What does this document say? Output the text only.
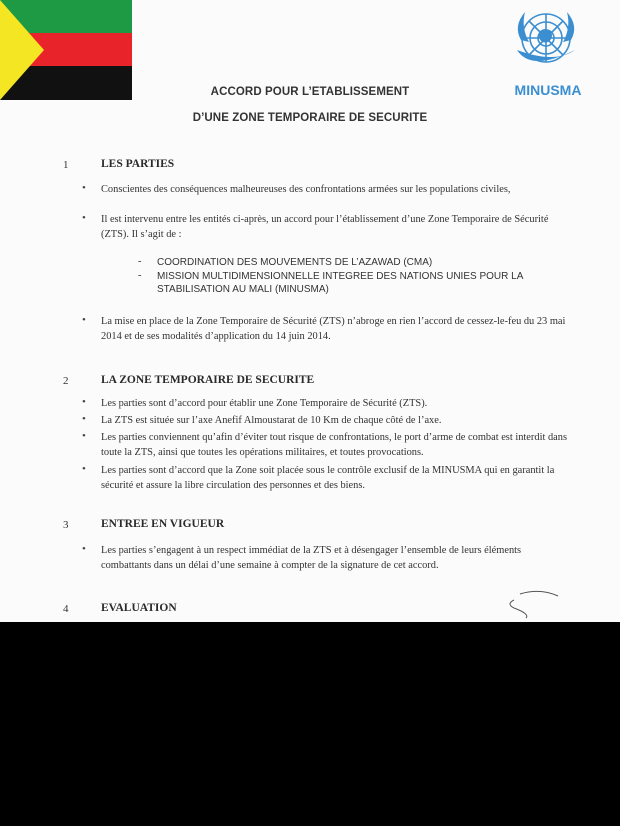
MINUSMA
ACCORD POUR L’ETABLISSEMENT
D’UNE ZONE TEMPORAIRE DE SECURITE
1	LES PARTIES
• Conscientes des conséquences malheureuses des confrontations armées sur les populations civiles,
• Il est intervenu entre les entités ci-après, un accord pour l’établissement d’une Zone Temporaire de Sécurité (ZTS). Il s’agit de :
- COORDINATION DES MOUVEMENTS DE L’AZAWAD (CMA)
- MISSION MULTIDIMENSIONNELLE INTEGREE DES NATIONS UNIES POUR LA STABILISATION AU MALI (MINUSMA)
• La mise en place de la Zone Temporaire de Sécurité (ZTS) n’abroge en rien l’accord de cessez-le-feu du 23 mai 2014 et de ses modalités d’application du 14 juin 2014.
2	LA ZONE TEMPORAIRE DE SECURITE
• Les parties sont d’accord pour établir une Zone Temporaire de Sécurité (ZTS).
• La ZTS est située sur l’axe Anefif Almoustarat de 10 Km de chaque côté de l’axe.
• Les parties conviennent qu’afin d’éviter tout risque de confrontations, le port d’arme de combat est interdit dans toute la ZTS, ainsi que toutes les opérations militaires, et toutes provocations.
• Les parties sont d’accord que la Zone soit placée sous le contrôle exclusif de la MINUSMA qui en garantit la sécurité et assure la libre circulation des personnes et des biens.
3	ENTREE EN VIGUEUR
• Les parties s’engagent à un respect immédiat de la ZTS et à désengager l’ensemble de leurs éléments combattants dans un délai d’une semaine à compter de la signature de cet accord.
4	EVALUATION
